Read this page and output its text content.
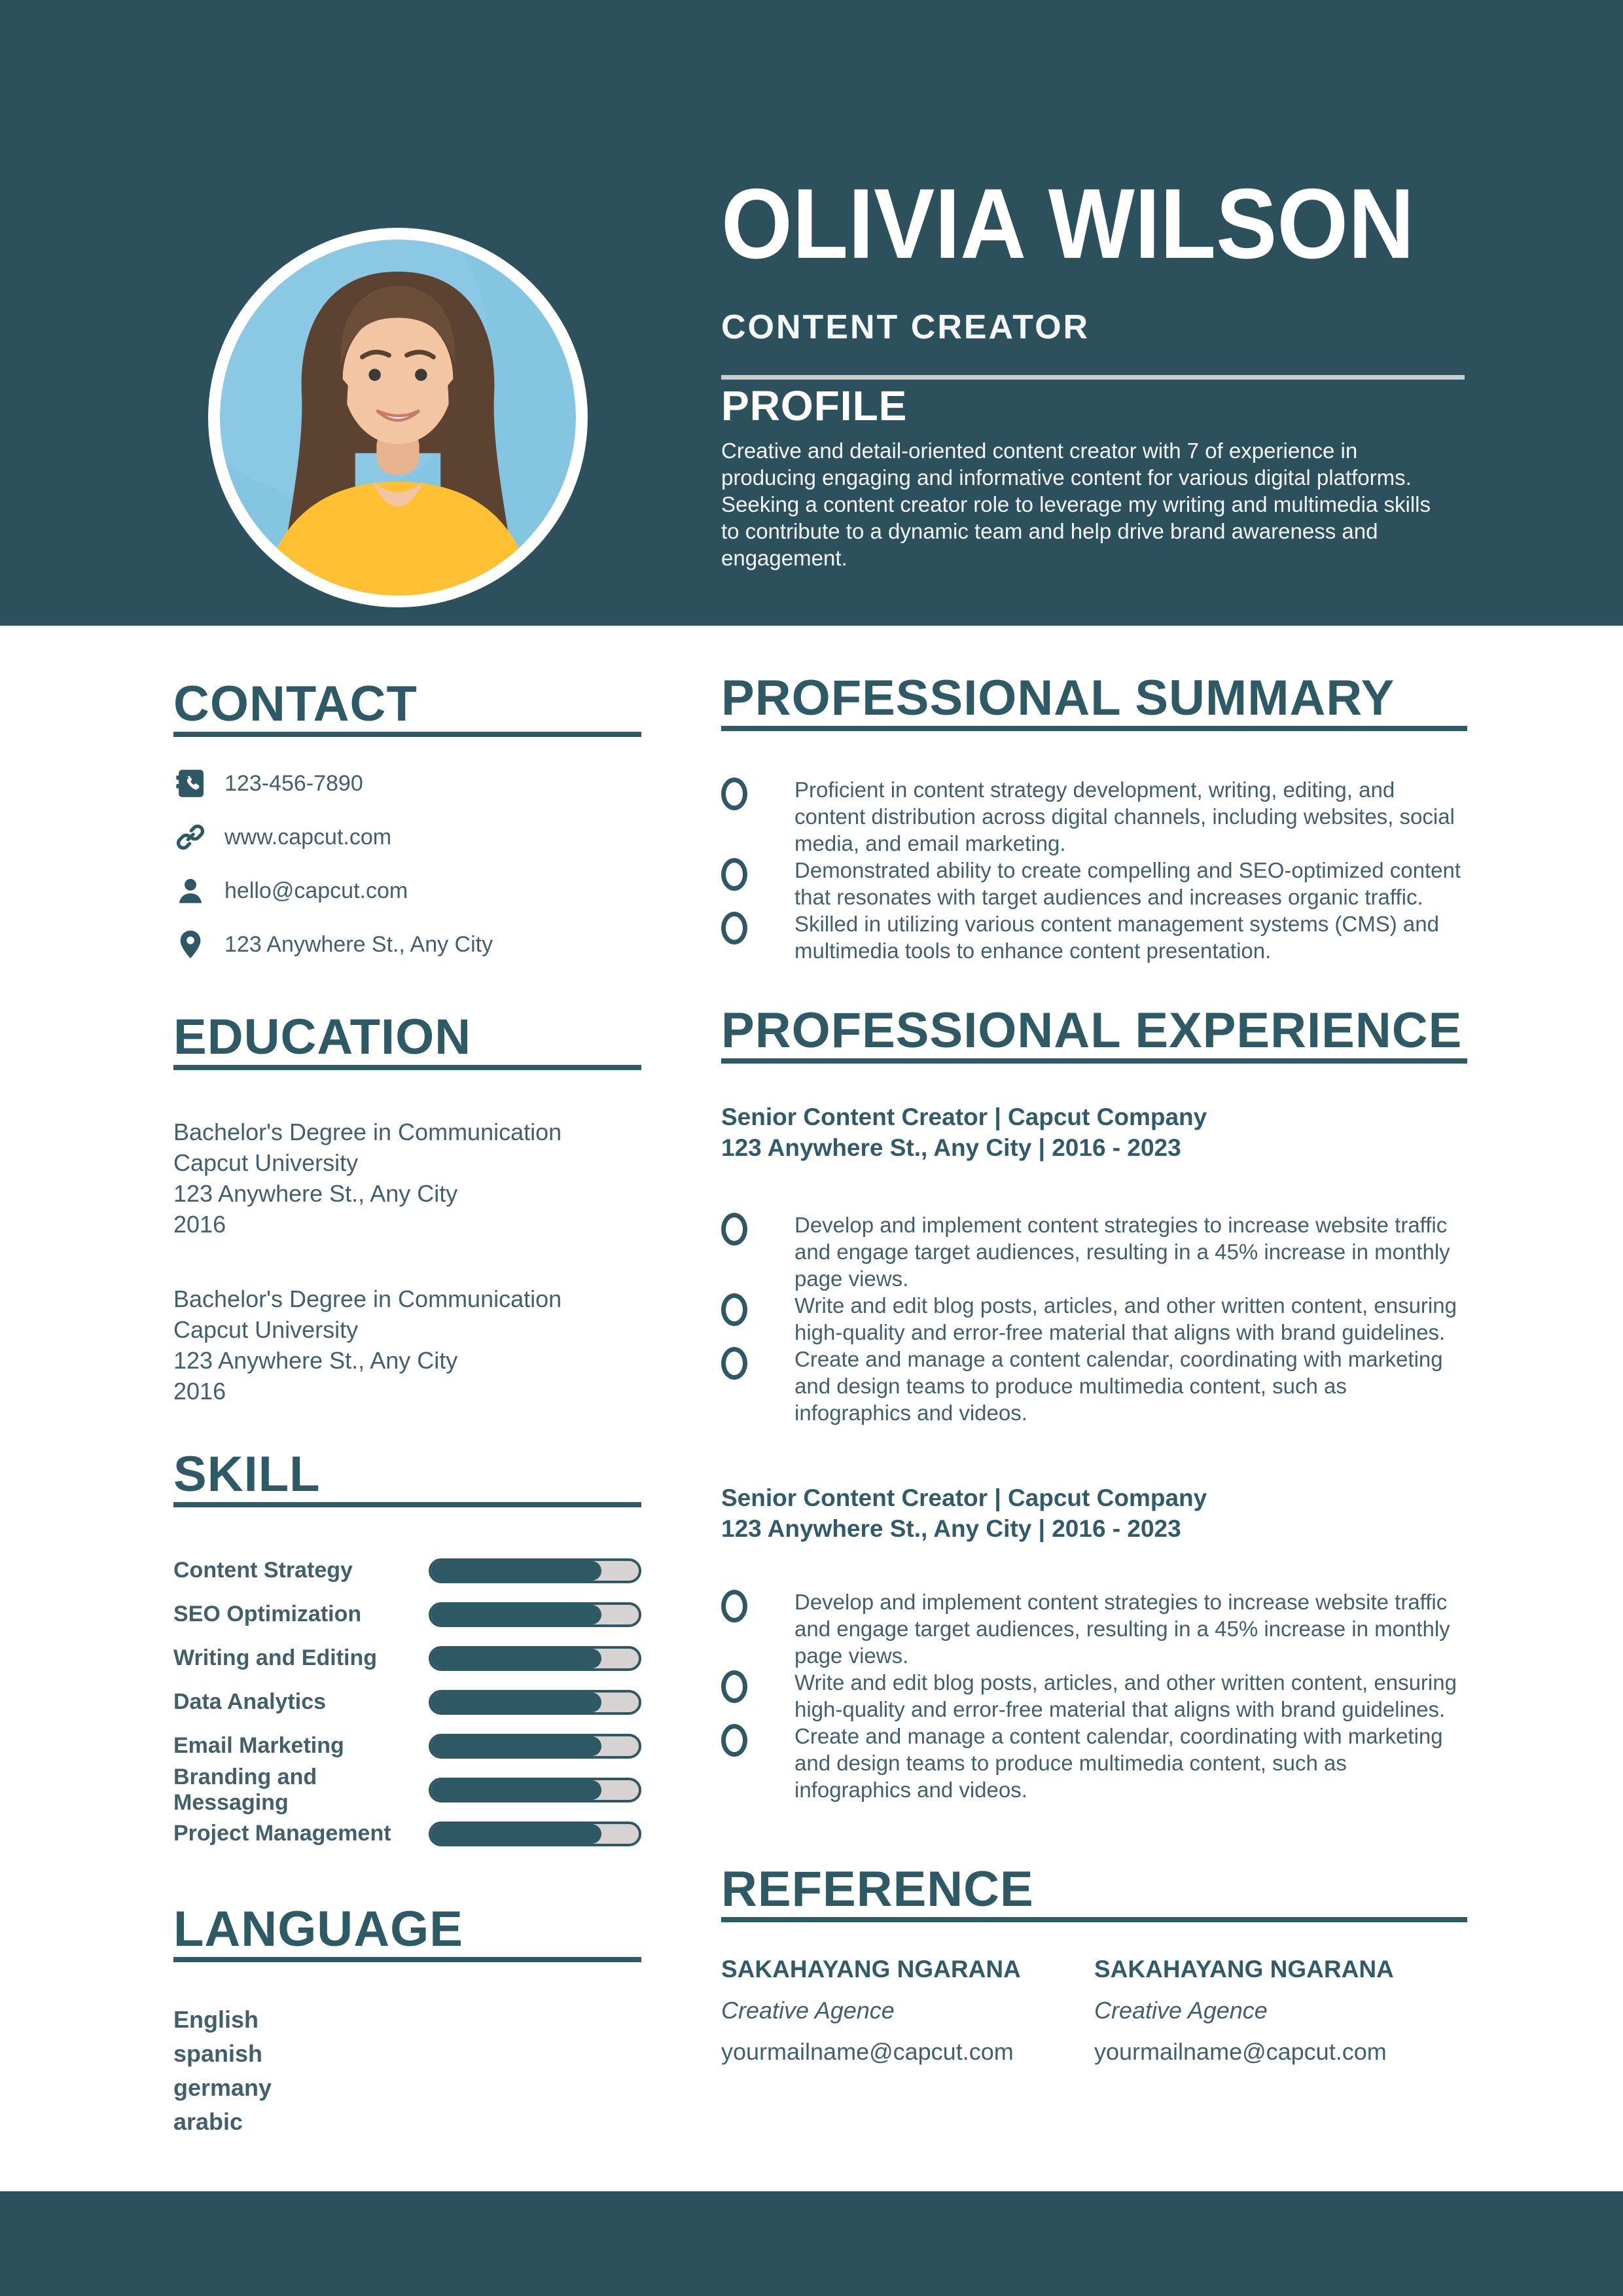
OLIVIA WILSON
CONTENT CREATOR
PROFILE

Creative and detail-oriented content creator with 7 of experience in producing engaging and informative content for various digital platforms. Seeking a content creator role to leverage my writing and multimedia skills to contribute to a dynamic team and help drive brand awareness and engagement.

CONTACT
123-456-7890
www.capcut.com
hello@capcut.com
123 Anywhere St., Any City
EDUCATION
Bachelor's Degree in Communication
Capcut University
123 Anywhere St., Any City
2016
Bachelor's Degree in Communication
Capcut University
123 Anywhere St., Any City
2016
SKILL
Content Strategy
SEO Optimization
Writing and Editing
Data Analytics
Email Marketing
Branding and Messaging
Project Management
LANGUAGE
English
spanish
germany
arabic
PROFESSIONAL SUMMARY
Proficient in content strategy development, writing, editing, and content distribution across digital channels, including websites, social media, and email marketing.
Demonstrated ability to create compelling and SEO-optimized content that resonates with target audiences and increases organic traffic.
Skilled in utilizing various content management systems (CMS) and multimedia tools to enhance content presentation.
PROFESSIONAL EXPERIENCE
Senior Content Creator | Capcut Company
123 Anywhere St., Any City | 2016 - 2023
Develop and implement content strategies to increase website traffic and engage target audiences, resulting in a 45% increase in monthly page views.
Write and edit blog posts, articles, and other written content, ensuring high-quality and error-free material that aligns with brand guidelines.
Create and manage a content calendar, coordinating with marketing and design teams to produce multimedia content, such as infographics and videos.
Senior Content Creator | Capcut Company
123 Anywhere St., Any City | 2016 - 2023
Develop and implement content strategies to increase website traffic and engage target audiences, resulting in a 45% increase in monthly page views.
Write and edit blog posts, articles, and other written content, ensuring high-quality and error-free material that aligns with brand guidelines.
Create and manage a content calendar, coordinating with marketing and design teams to produce multimedia content, such as infographics and videos.
REFERENCE
SAKAHAYANG NGARANA
Creative Agence
yourmailname@capcut.com
SAKAHAYANG NGARANA
Creative Agence
yourmailname@capcut.com
